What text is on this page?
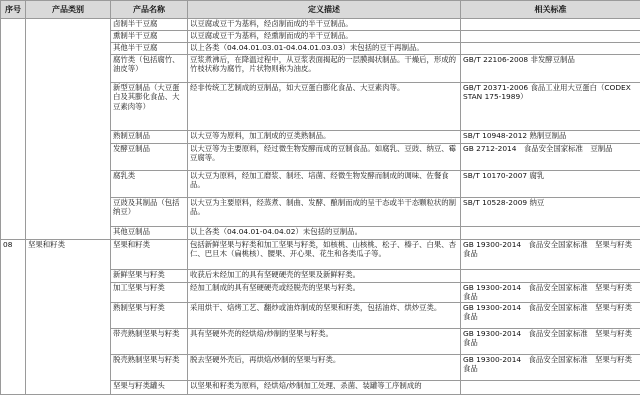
序号	产品类别	产品名称	定义描述	相关标准
		卤制半干豆腐	以豆腐或豆干为基料，经卤制而成的半干豆制品。	
		熏制半干豆腐	以豆腐或豆干为基料，经熏制而成的半干豆制品。	
		其他半干豆腐	以上各类（04.04.01.03.01-04.04.01.03.03）未包括的豆干再制品。	
		腐竹类（包括腐竹、油皮等）	豆浆煮沸后，在降温过程中，从豆浆表面揭起的一层膜揭状制品。干燥后，形成的竹枝状称为腐竹，片状物则称为油皮。	GB/T 22106-2008 非发酵豆制品
		新型豆制品（大豆蛋白及其膨化食品、大豆素肉等）	经非传统工艺制成的豆制品，如大豆蛋白膨化食品、大豆素肉等。	GB/T 20371-2006 食品工业用大豆蛋白（CODEX STAN 175-1989）
		熟制豆制品	以大豆等为原料，加工制成的豆类熟制品。	SB/T 10948-2012 熟制豆制品
		发酵豆制品	以大豆等为主要原料，经过微生物发酵而成的豆制食品。如腐乳、豆豉、纳豆、霉豆腐等。	GB 2712-2014　食品安全国家标准　豆制品
		腐乳类	以大豆为原料，经加工磨浆、制坯、培菌、经微生物发酵而制成的调味、佐餐食品。	SB/T 10170-2007 腐乳
		豆豉及其制品（包括纳豆）	以大豆为主要原料，经蒸煮、制曲、发酵、酿制而成的呈干态或半干态颗粒状的制品。	SB/T 10528-2009 纳豆
		其他豆制品	以上各类（04.04.01-04.04.02）未包括的豆制品。	
08	坚果和籽类	坚果和籽类	包括新鲜坚果与籽类和加工坚果与籽类，如核桃、山核桃、松子、榛子、白果、杏仁、巴旦木（扁桃核）、腰果、开心果、花生和各类瓜子等。	GB 19300-2014　食品安全国家标准　坚果与籽类食品
		新鲜坚果与籽类	收获后未经加工的具有坚硬硬壳的坚果及新鲜籽类。	
		加工坚果与籽类	经加工制成的具有坚硬硬壳或经脱壳的坚果与籽类。	GB 19300-2014　食品安全国家标准　坚果与籽类食品
		熟制坚果与籽类	采用烘干、焙烤工艺、翻炒或油炸制成的坚果和籽类，包括油炸、烘炒豆类。	GB 19300-2014　食品安全国家标准　坚果与籽类食品
		带壳熟制坚果与籽类	具有坚硬外壳的经烘焙/炒制的坚果与籽类。	GB 19300-2014　食品安全国家标准　坚果与籽类食品
		脱壳熟制坚果与籽类	脱去坚硬外壳后，再烘焙/炒制的坚果与籽类。	GB 19300-2014　食品安全国家标准　坚果与籽类食品
		坚果与籽类罐头	以坚果和籽类为原料，经烘焙/炒制加工处理、杀菌、装罐等工序制成的	
